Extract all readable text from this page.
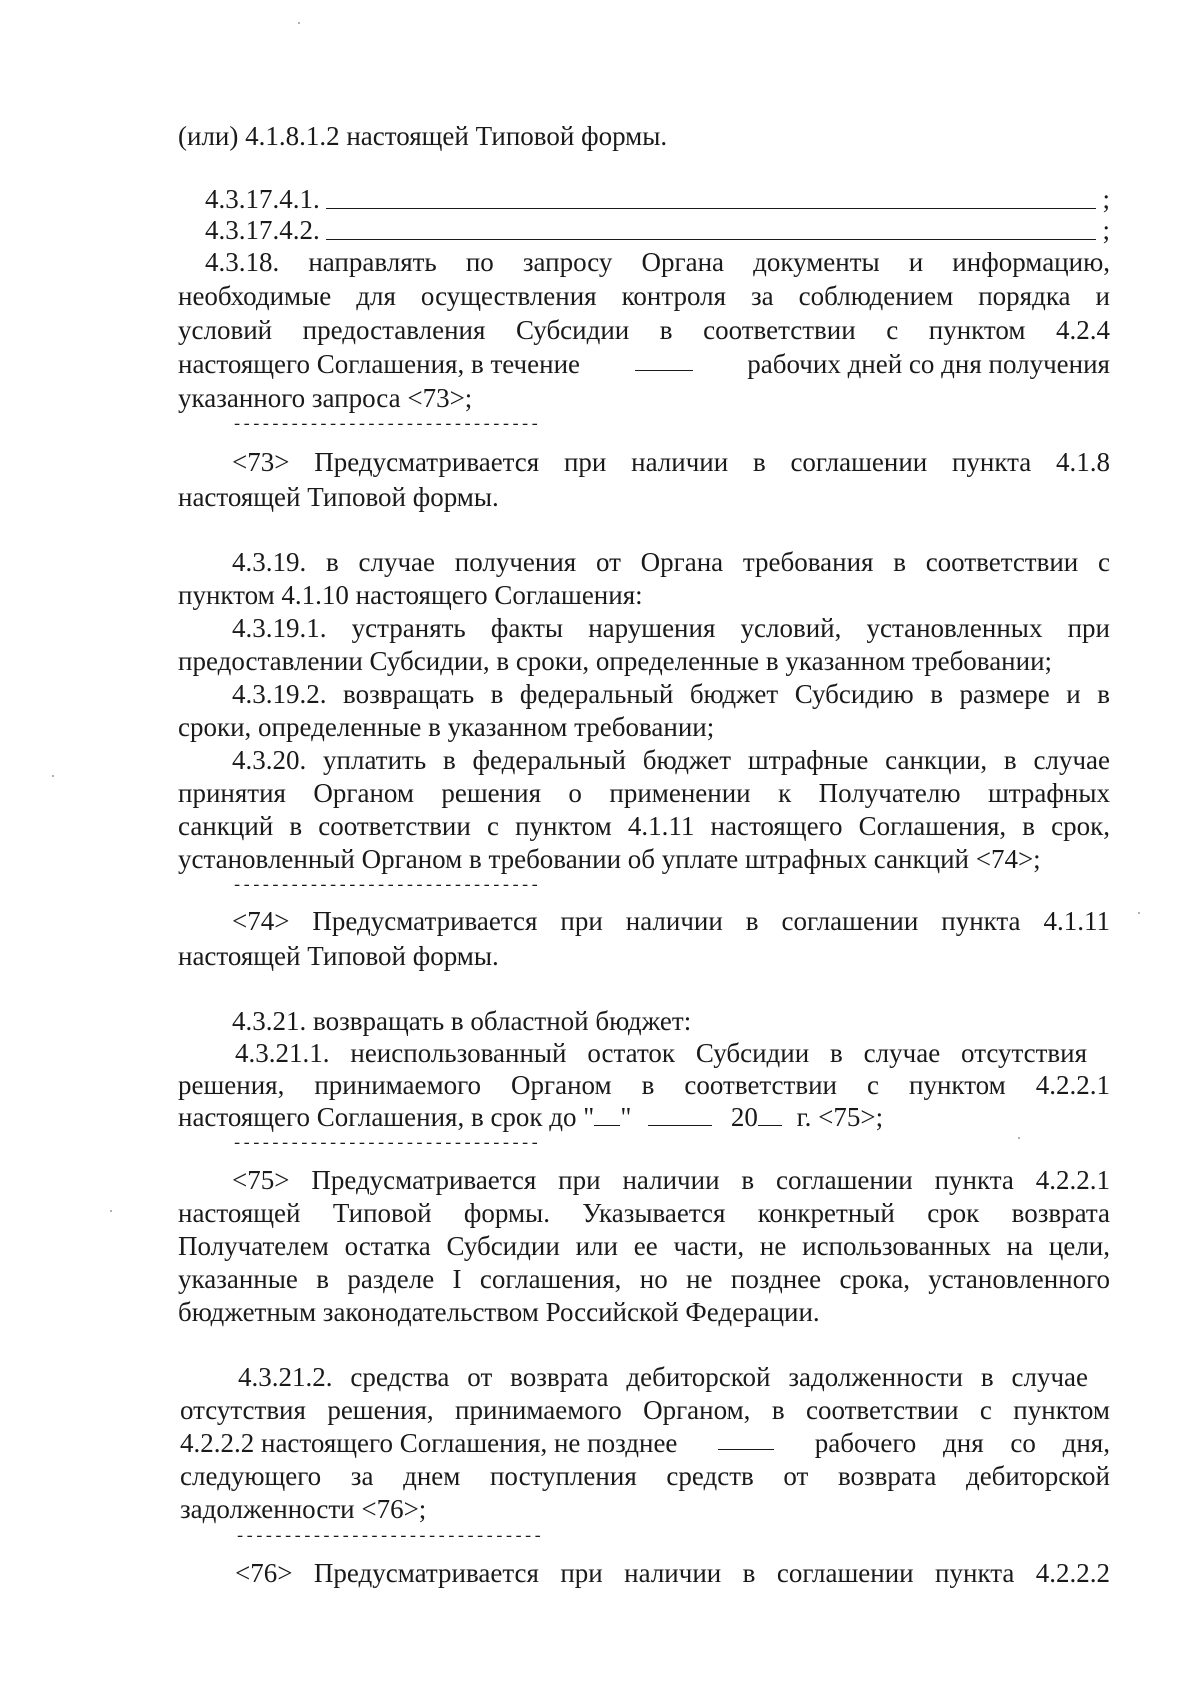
(или) 4.1.8.1.2 настоящей Типовой формы.
4.3.17.4.1.	;
4.3.17.4.2.	;
4.3.18. направлять по запросу Органа документы и информацию,
необходимые для осуществления контроля за соблюдением порядка и
условий предоставления Субсидии в соответствии с пунктом 4.2.4
настоящего Соглашения, в течение	рабочих дней со дня получения
указанного запроса <73>;
--------------------------------
<73> Предусматривается при наличии в соглашении пункта 4.1.8
настоящей Типовой формы.
4.3.19. в случае получения от Органа требования в соответствии с
пунктом 4.1.10 настоящего Соглашения:
4.3.19.1. устранять факты нарушения условий, установленных при
предоставлении Субсидии, в сроки, определенные в указанном требовании;
4.3.19.2. возвращать в федеральный бюджет Субсидию в размере и в
сроки, определенные в указанном требовании;
4.3.20. уплатить в федеральный бюджет штрафные санкции, в случае
принятия Органом решения о применении к Получателю штрафных
санкций в соответствии с пунктом 4.1.11 настоящего Соглашения, в срок,
установленный Органом в требовании об уплате штрафных санкций <74>;
--------------------------------
<74> Предусматривается при наличии в соглашении пункта 4.1.11
настоящей Типовой формы.
4.3.21. возвращать в областной бюджет:
4.3.21.1. неиспользованный остаток Субсидии в случае отсутствия
решения, принимаемого Органом в соответствии с пунктом 4.2.2.1
настоящего Соглашения, в срок до " "	20 г. <75>;
--------------------------------
<75> Предусматривается при наличии в соглашении пункта 4.2.2.1
настоящей Типовой формы. Указывается конкретный срок возврата
Получателем остатка Субсидии или ее части, не использованных на цели,
указанные в разделе I соглашения, но не позднее срока, установленного
бюджетным законодательством Российской Федерации.
4.3.21.2. средства от возврата дебиторской задолженности в случае
отсутствия решения, принимаемого Органом, в соответствии с пунктом
4.2.2.2 настоящего Соглашения, не позднее	рабочего дня со дня,
следующего за днем поступления средств от возврата дебиторской
задолженности <76>;
--------------------------------
<76> Предусматривается при наличии в соглашении пункта 4.2.2.2
